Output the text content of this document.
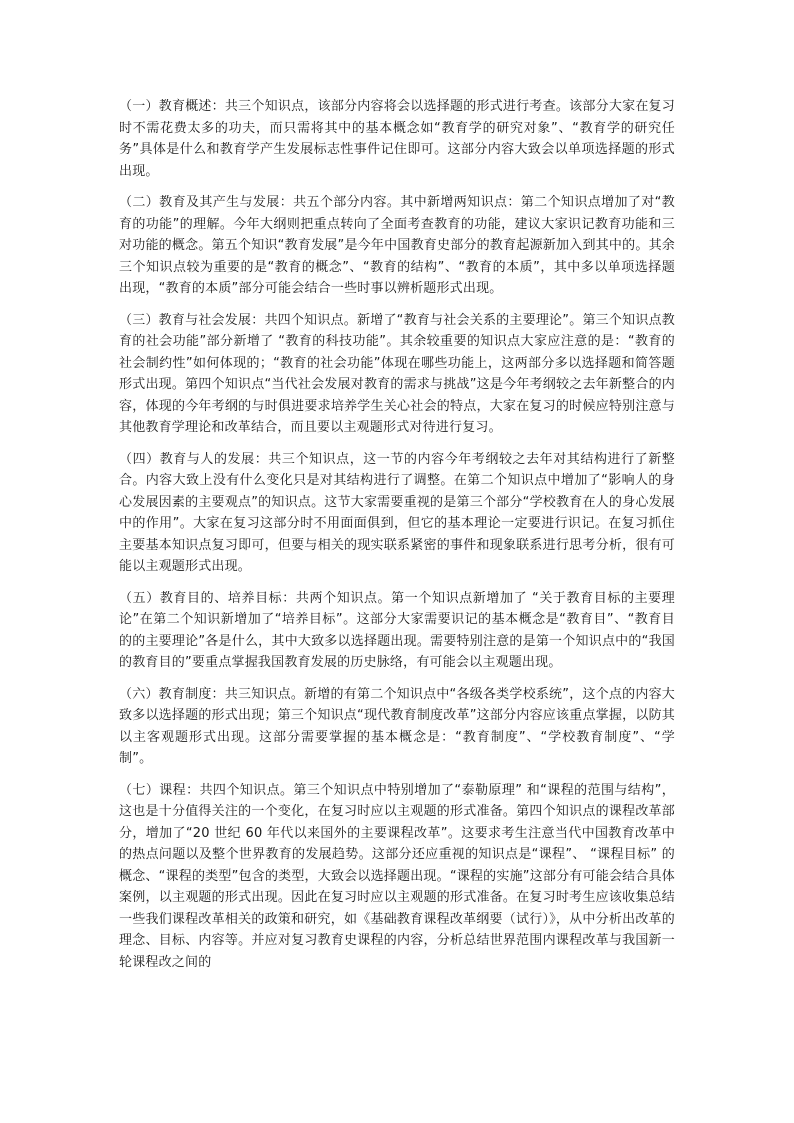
（一）教育概述：共三个知识点，该部分内容将会以选择题的形式进行考查。该部分大家在复习时不需花费太多的功夫，而只需将其中的基本概念如“教育学的研究对象”、“教育学的研究任务”具体是什么和教育学产生发展标志性事件记住即可。这部分内容大致会以单项选择题的形式出现。

（二）教育及其产生与发展：共五个部分内容。其中新增两知识点：第二个知识点增加了对“教育的功能”的理解。今年大纲则把重点转向了全面考查教育的功能，建议大家识记教育功能和三对功能的概念。第五个知识“教育发展”是今年中国教育史部分的教育起源新加入到其中的。其余三个知识点较为重要的是“教育的概念”、“教育的结构”、“教育的本质”，其中多以单项选择题出现，“教育的本质”部分可能会结合一些时事以辨析题形式出现。

（三）教育与社会发展：共四个知识点。新增了“教育与社会关系的主要理论”。第三个知识点教育的社会功能”部分新增了 “教育的科技功能”。其余较重要的知识点大家应注意的是：“教育的社会制约性”如何体现的；“教育的社会功能”体现在哪些功能上，这两部分多以选择题和简答题形式出现。第四个知识点“当代社会发展对教育的需求与挑战”这是今年考纲较之去年新整合的内容，体现的今年考纲的与时俱进要求培养学生关心社会的特点，大家在复习的时候应特别注意与其他教育学理论和改革结合，而且要以主观题形式对待进行复习。

（四）教育与人的发展：共三个知识点，这一节的内容今年考纲较之去年对其结构进行了新整合。内容大致上没有什么变化只是对其结构进行了调整。在第二个知识点中增加了“影响人的身心发展因素的主要观点”的知识点。这节大家需要重视的是第三个部分“学校教育在人的身心发展中的作用”。大家在复习这部分时不用面面俱到，但它的基本理论一定要进行识记。在复习抓住主要基本知识点复习即可，但要与相关的现实联系紧密的事件和现象联系进行思考分析，很有可能以主观题形式出现。

（五）教育目的、培养目标：共两个知识点。第一个知识点新增加了 “关于教育目标的主要理论”在第二个知识新增加了“培养目标”。这部分大家需要识记的基本概念是“教育目”、“教育目的的主要理论”各是什么，其中大致多以选择题出现。需要特别注意的是第一个知识点中的“我国的教育目的”要重点掌握我国教育发展的历史脉络，有可能会以主观题出现。

（六）教育制度：共三知识点。新增的有第二个知识点中“各级各类学校系统”，这个点的内容大致多以选择题的形式出现；第三个知识点“现代教育制度改革”这部分内容应该重点掌握，以防其以主客观题形式出现。这部分需要掌握的基本概念是：“教育制度”、“学校教育制度”、“学制”。

（七）课程：共四个知识点。第三个知识点中特别增加了“泰勒原理” 和“课程的范围与结构”，这也是十分值得关注的一个变化，在复习时应以主观题的形式准备。第四个知识点的课程改革部分，增加了“20 世纪 60 年代以来国外的主要课程改革”。这要求考生注意当代中国教育改革中的热点问题以及整个世界教育的发展趋势。这部分还应重视的知识点是“课程”、 “课程目标” 的概念、“课程的类型”包含的类型，大致会以选择题出现。“课程的实施”这部分有可能会结合具体案例，以主观题的形式出现。因此在复习时应以主观题的形式准备。在复习时考生应该收集总结一些我们课程改革相关的政策和研究，如《基础教育课程改革纲要（试行）》，从中分析出改革的理念、目标、内容等。并应对复习教育史课程的内容，分析总结世界范围内课程改革与我国新一轮课程改之间的
